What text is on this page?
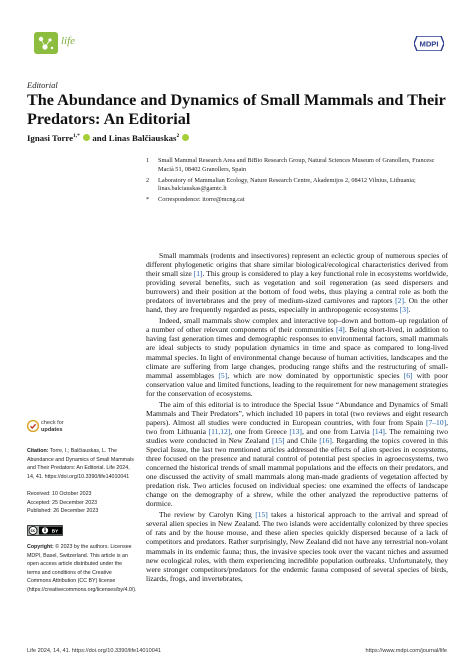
life	MDPI
Editorial
The Abundance and Dynamics of Small Mammals and Their Predators: An Editorial
Ignasi Torre$^{1,*}$ and Linas Balčiauskas$^2$
1	Small Mammal Research Area and BiBio Research Group, Natural Sciences Museum of Granollers, Francesc Macià 51, 08402 Granollers, Spain
2	Laboratory of Mammalian Ecology, Nature Research Centre, Akademijos 2, 08412 Vilnius, Lithuania; linas.balciauskas@gamtc.lt
*	Correspondence: itorre@mcng.cat

Small mammals (rodents and insectivores) represent an eclectic group of numerous species of different phylogenetic origins that share similar biological/ecological characteristics derived from their small size [1]. This group is considered to play a key functional role in ecosystems worldwide, providing several benefits, such as vegetation and soil regeneration (as seed dispersers and burrowers) and their position at the bottom of food webs, thus playing a central role as both the predators of invertebrates and the prey of medium-sized carnivores and raptors [2]. On the other hand, they are frequently regarded as pests, especially in anthropogenic ecosystems [3].

Indeed, small mammals show complex and interactive top–down and bottom–up regulation of a number of other relevant components of their communities [4]. Being short-lived, in addition to having fast generation times and demographic responses to environmental factors, small mammals are ideal subjects to study population dynamics in time and space as compared to long-lived mammal species. In light of environmental change because of human activities, landscapes and the climate are suffering from large changes, producing range shifts and the restructuring of small-mammal assemblages [5], which are now dominated by opportunistic species [6] with poor conservation value and limited functions, leading to the requirement for new management strategies for the conservation of ecosystems.

The aim of this editorial is to introduce the Special Issue “Abundance and Dynamics of Small Mammals and Their Predators”, which included 10 papers in total (two reviews and eight research papers). Almost all studies were conducted in European countries, with four from Spain [7–10], two from Lithuania [11,12], one from Greece [13], and one from Latvia [14]. The remaining two studies were conducted in New Zealand [15] and Chile [16]. Regarding the topics covered in this Special Issue, the last two mentioned articles addressed the effects of alien species in ecosystems, three focused on the presence and natural control of potential pest species in agroecosystems, two concerned the historical trends of small mammal populations and the effects on their predators, and one discussed the activity of small mammals along man-made gradients of vegetation affected by predation risk. Two articles focused on individual species: one examined the effects of landscape change on the demography of a shrew, while the other analyzed the reproductive patterns of dormice.

The review by Carolyn King [15] takes a historical approach to the arrival and spread of several alien species in New Zealand. The two islands were accidentally colonized by three species of rats and by the house mouse, and these alien species quickly dispersed because of a lack of competitors and predators. Rather surprisingly, New Zealand did not have any terrestrial non-volant mammals in its endemic fauna; thus, the invasive species took over the vacant niches and assumed new ecological roles, with them experiencing incredible population outbreaks. Unfortunately, they were stronger competitors/predators for the endemic fauna composed of several species of birds, lizards, frogs, and invertebrates,

check for
updates
Citation: Torre, I.; Balčiauskas, L. The Abundance and Dynamics of Small Mammals and Their Predators: An Editorial. Life 2024, 14, 41. https://doi.org/10.3390/life14010041
Received: 10 October 2023
Accepted: 25 December 2023
Published: 26 December 2023
cc	BY
Copyright: © 2023 by the authors. Licensee MDPI, Basel, Switzerland. This article is an open access article distributed under the terms and conditions of the Creative Commons Attribution (CC BY) license (https://creativecommons.org/licenses/by/4.0/).
Life 2024, 14, 41. https://doi.org/10.3390/life14010041	https://www.mdpi.com/journal/life
